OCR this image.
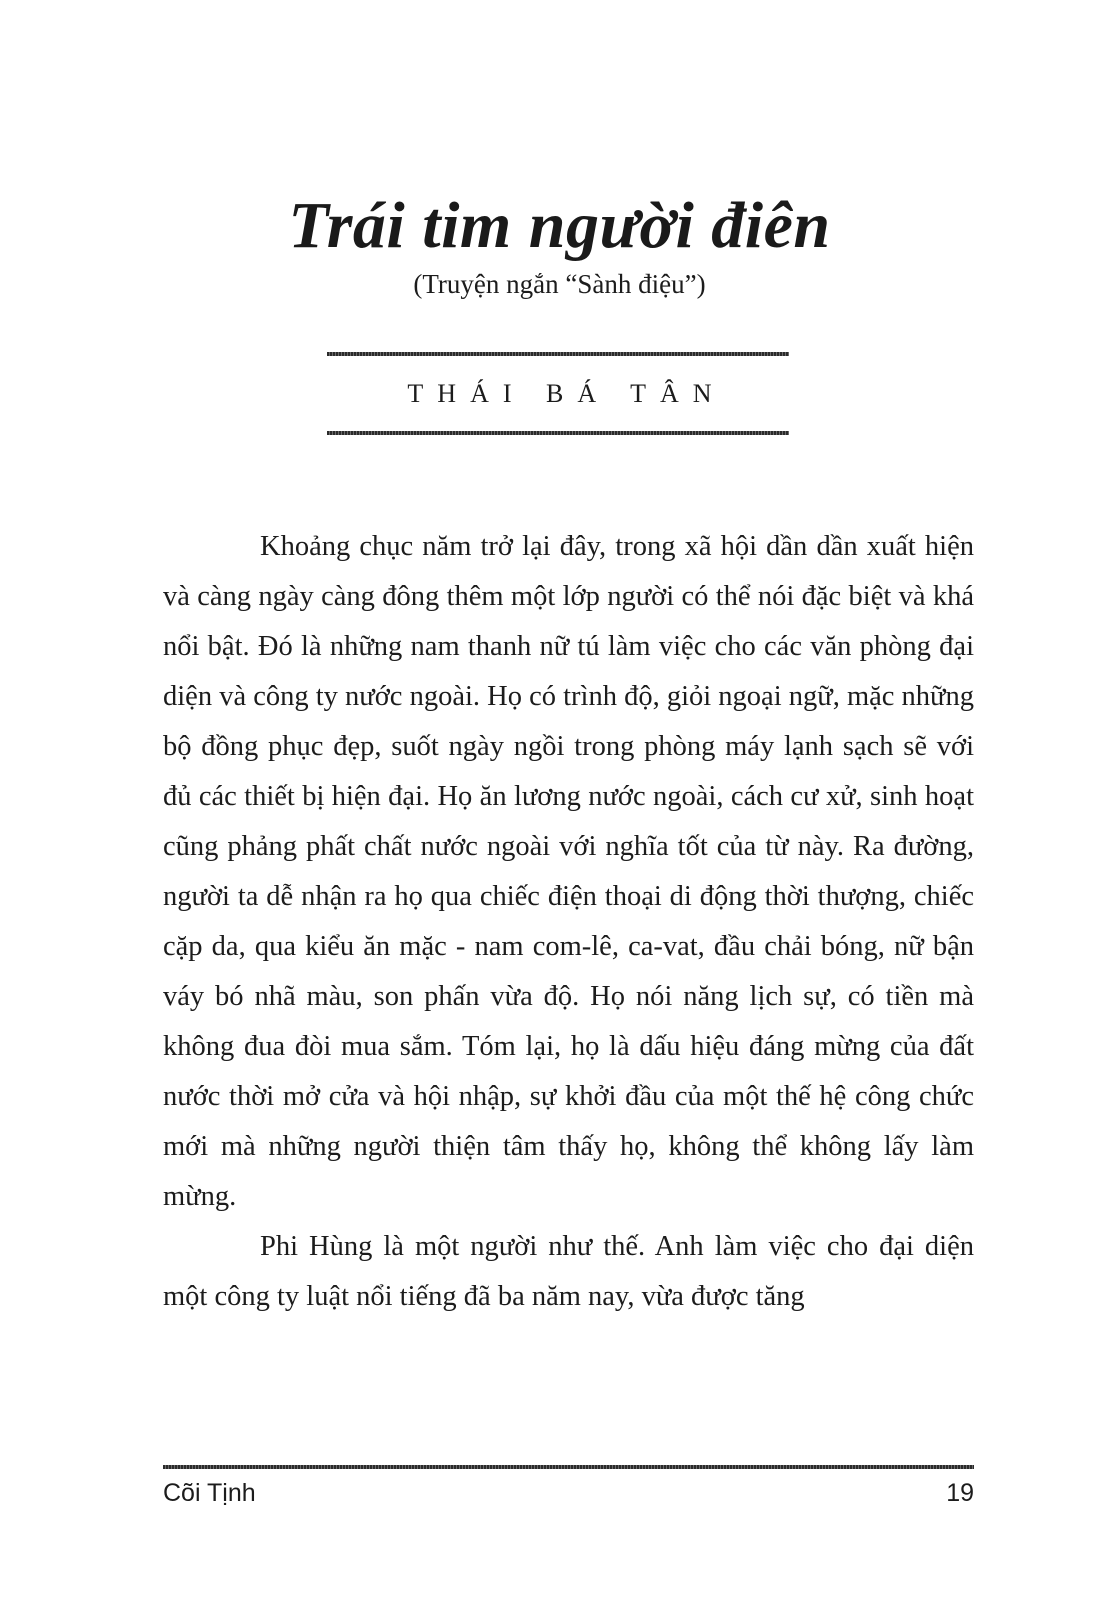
Trái tim người điên

(Truyện ngắn “Sành điệu”)

THÁI BÁ TÂN

Khoảng chục năm trở lại đây, trong xã hội dần dần xuất hiện và càng ngày càng đông thêm một lớp người có thể nói đặc biệt và khá nổi bật. Đó là những nam thanh nữ tú làm việc cho các văn phòng đại diện và công ty nước ngoài. Họ có trình độ, giỏi ngoại ngữ, mặc những bộ đồng phục đẹp, suốt ngày ngồi trong phòng máy lạnh sạch sẽ với đủ các thiết bị hiện đại. Họ ăn lương nước ngoài, cách cư xử, sinh hoạt cũng phảng phất chất nước ngoài với nghĩa tốt của từ này. Ra đường, người ta dễ nhận ra họ qua chiếc điện thoại di động thời thượng, chiếc cặp da, qua kiểu ăn mặc - nam com-lê, ca-vat, đầu chải bóng, nữ bận váy bó nhã màu, son phấn vừa độ. Họ nói năng lịch sự, có tiền mà không đua đòi mua sắm. Tóm lại, họ là dấu hiệu đáng mừng của đất nước thời mở cửa và hội nhập, sự khởi đầu của một thế hệ công chức mới mà những người thiện tâm thấy họ, không thể không lấy làm mừng.

Phi Hùng là một người như thế. Anh làm việc cho đại diện một công ty luật nổi tiếng đã ba năm nay, vừa được tăng

Cõi Tịnh	19
